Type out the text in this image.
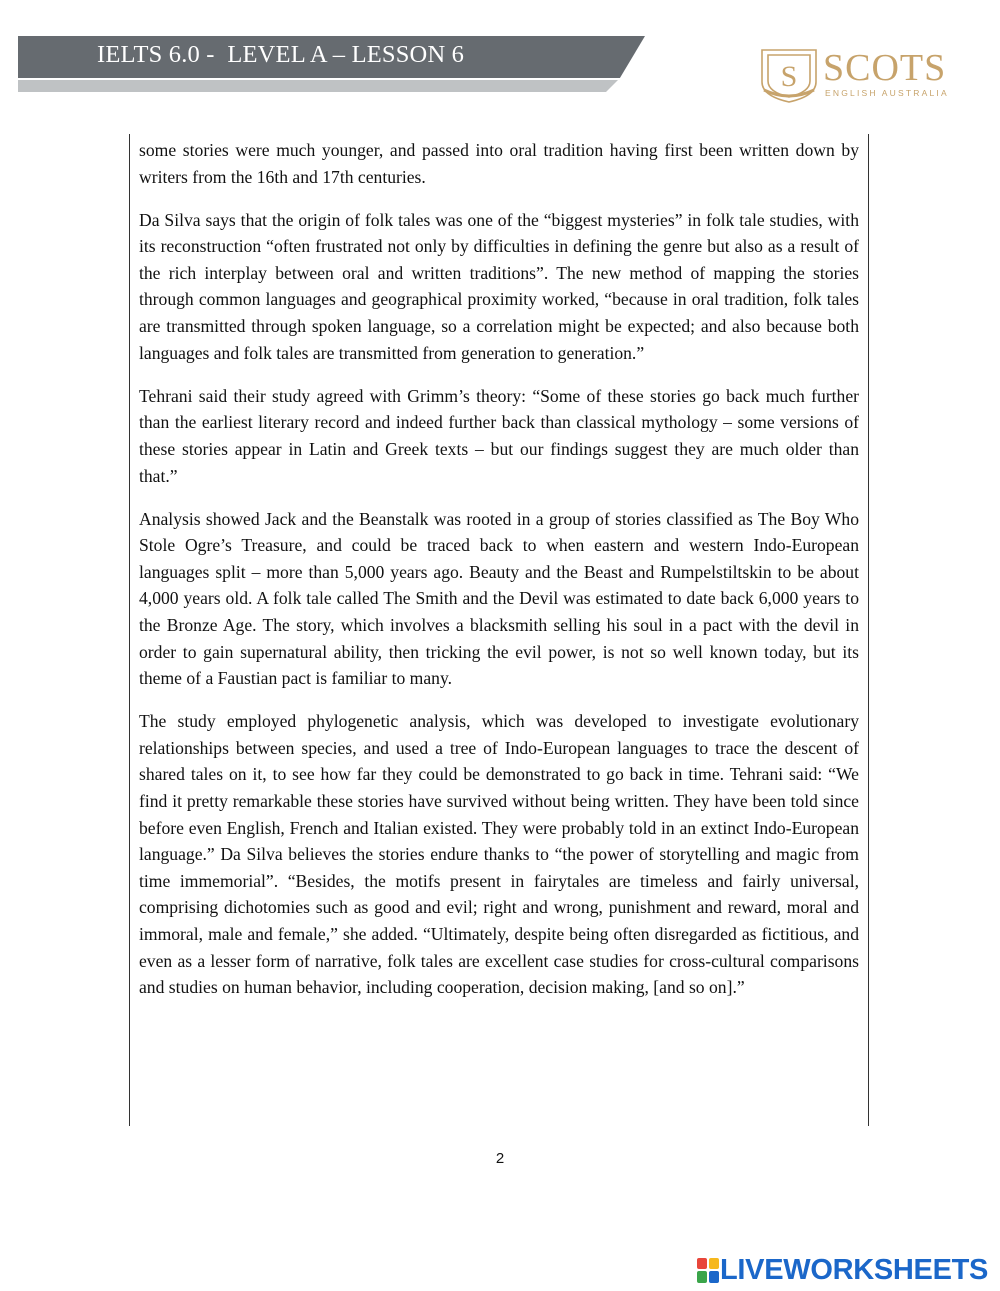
IELTS 6.0 -  LEVEL A – LESSON 6
S SCOTS
ENGLISH AUSTRALIA

some stories were much younger, and passed into oral tradition having first been written down by writers from the 16th and 17th centuries.

Da Silva says that the origin of folk tales was one of the “biggest mysteries” in folk tale studies, with its reconstruction “often frustrated not only by difficulties in defining the genre but also as a result of the rich interplay between oral and written traditions”. The new method of mapping the stories through common languages and geographical proximity worked, “because in oral tradition, folk tales are transmitted through spoken language, so a correlation might be expected; and also because both languages and folk tales are transmitted from generation to generation.”

Tehrani said their study agreed with Grimm’s theory: “Some of these stories go back much further than the earliest literary record and indeed further back than classical mythology – some versions of these stories appear in Latin and Greek texts – but our findings suggest they are much older than that.”

Analysis showed Jack and the Beanstalk was rooted in a group of stories classified as The Boy Who Stole Ogre’s Treasure, and could be traced back to when eastern and western Indo-European languages split – more than 5,000 years ago. Beauty and the Beast and Rumpelstiltskin to be about 4,000 years old. A folk tale called The Smith and the Devil was estimated to date back 6,000 years to the Bronze Age. The story, which involves a blacksmith selling his soul in a pact with the devil in order to gain supernatural ability, then tricking the evil power, is not so well known today, but its theme of a Faustian pact is familiar to many.

The study employed phylogenetic analysis, which was developed to investigate evolutionary relationships between species, and used a tree of Indo-European languages to trace the descent of shared tales on it, to see how far they could be demonstrated to go back in time. Tehrani said: “We find it pretty remarkable these stories have survived without being written. They have been told since before even English, French and Italian existed. They were probably told in an extinct Indo-European language.” Da Silva believes the stories endure thanks to “the power of storytelling and magic from time immemorial”. “Besides, the motifs present in fairytales are timeless and fairly universal, comprising dichotomies such as good and evil; right and wrong, punishment and reward, moral and immoral, male and female,” she added. “Ultimately, despite being often disregarded as fictitious, and even as a lesser form of narrative, folk tales are excellent case studies for cross-cultural comparisons and studies on human behavior, including cooperation, decision making, [and so on].”

2
LIVEWORKSHEETS
